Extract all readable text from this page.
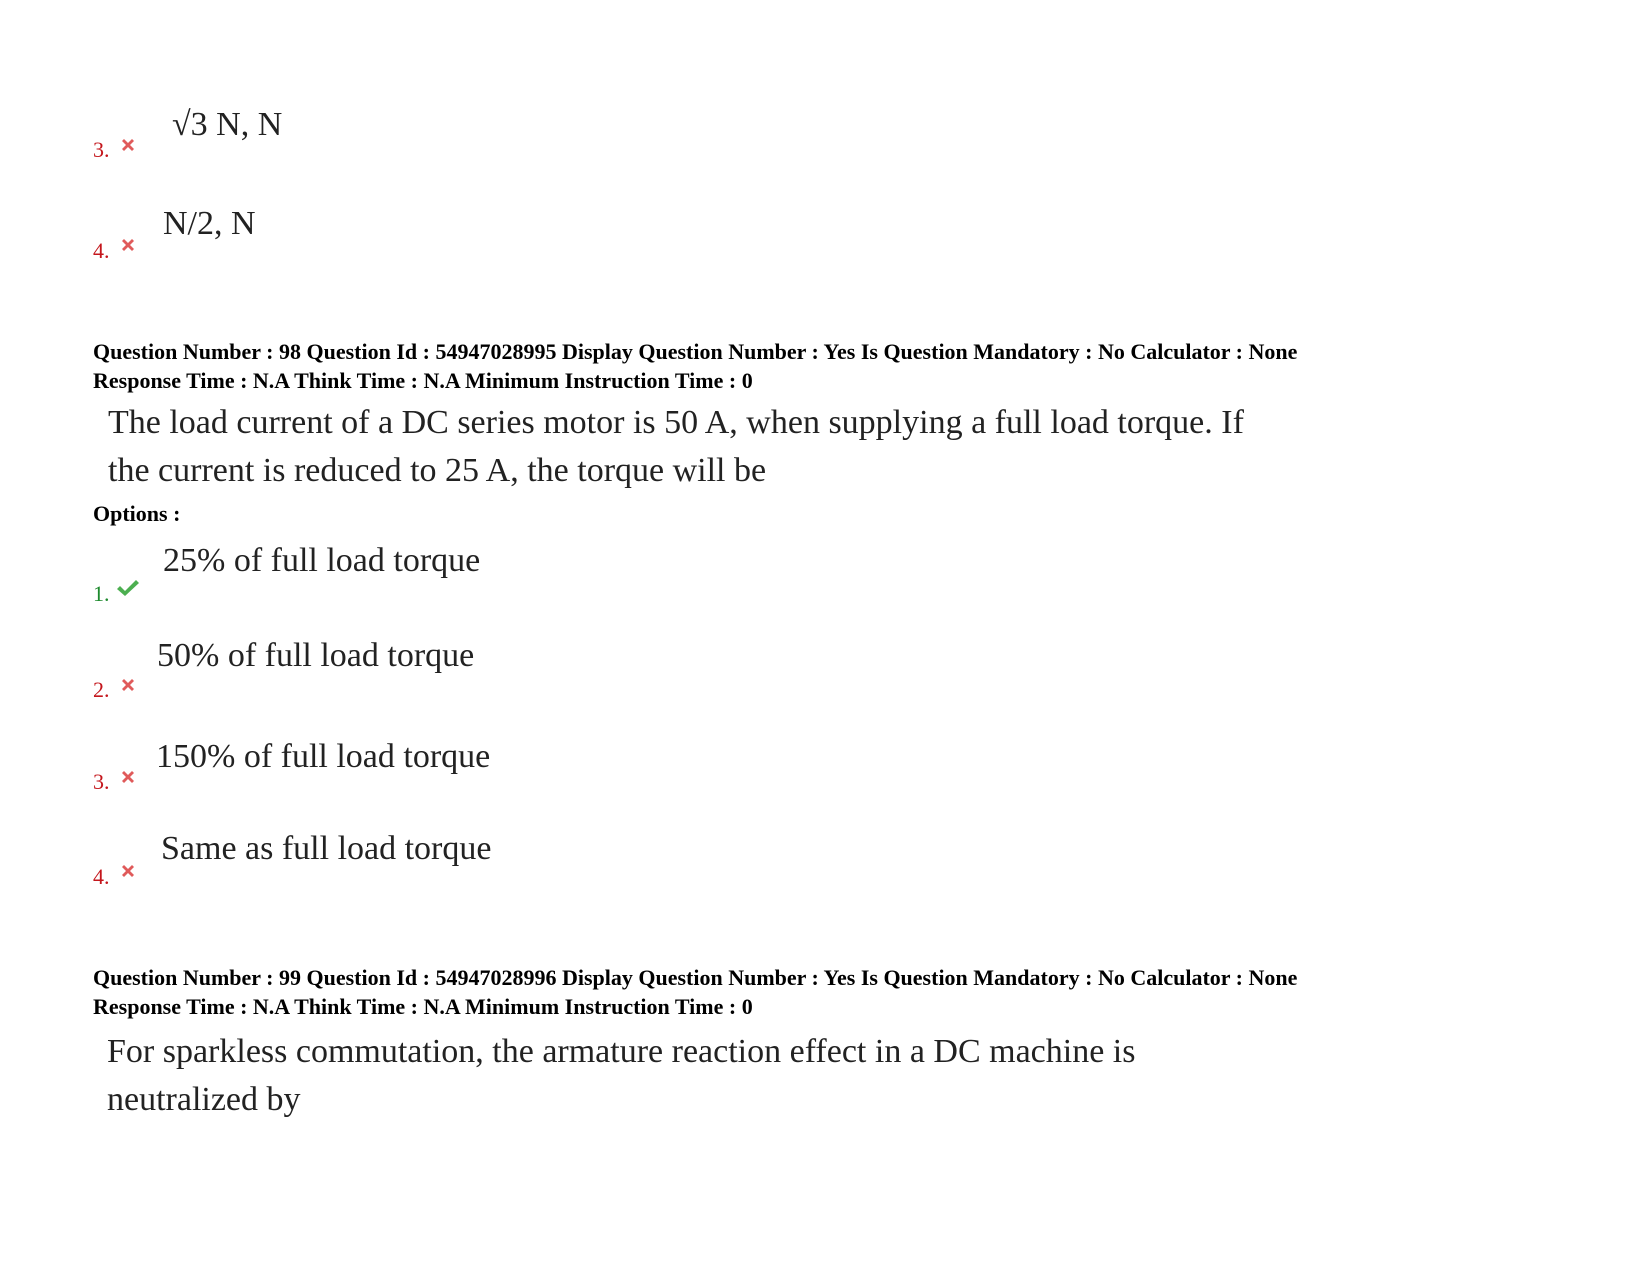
3.
√3 N, N
4.
N/2, N
Question Number : 98 Question Id : 54947028995 Display Question Number : Yes Is Question Mandatory : No Calculator : None
Response Time : N.A Think Time : N.A Minimum Instruction Time : 0
The load current of a DC series motor is 50 A, when supplying a full load torque. If
the current is reduced to 25 A, the torque will be
Options :
1.
25% of full load torque
2.
50% of full load torque
3.
150% of full load torque
4.
Same as full load torque
Question Number : 99 Question Id : 54947028996 Display Question Number : Yes Is Question Mandatory : No Calculator : None
Response Time : N.A Think Time : N.A Minimum Instruction Time : 0
For sparkless commutation, the armature reaction effect in a DC machine is
neutralized by
